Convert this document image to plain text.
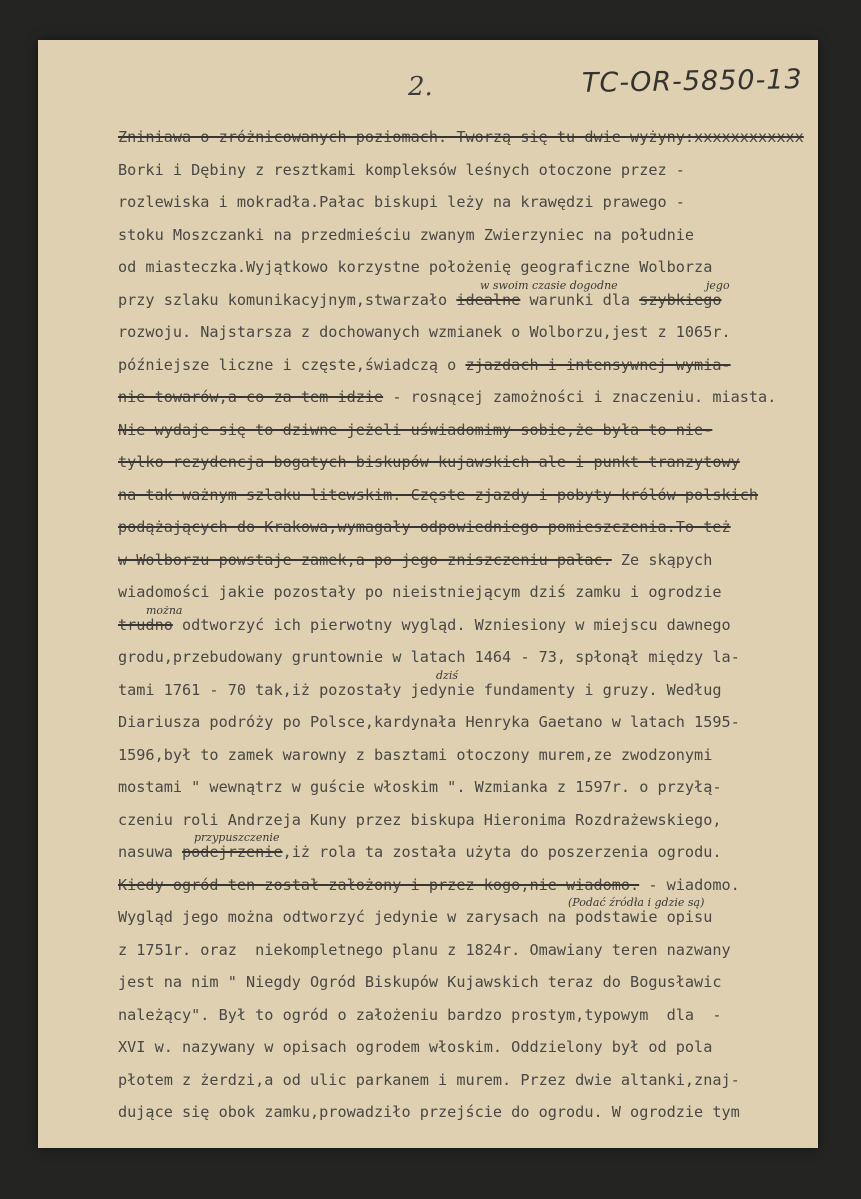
2.	TC-OR-5850-13
Zniniawa o zróżnicowanych poziomach. Tworzą się tu dwie wyżyny:xxxxxxxxxxxx
Borki i Dębiny z resztkami kompleksów leśnych otoczone przez -
rozlewiska i mokradła.Pałac biskupi leży na krawędzi prawego -
stoku Moszczanki na przedmieściu zwanym Zwierzyniec na południe
od miasteczka.Wyjątkowo korzystne położenię geograficzne Wolborza
przy szlaku komunikacyjnym,stwarzało idealne warunki dla szybkiego
w swoim czasie dogodne	jego
rozwoju. Najstarsza z dochowanych wzmianek o Wolborzu,jest z 1065r.
późniejsze liczne i częste,świadczą o zjazdach i intensywnej wymia-
nie towarów,a co za tem idzie - rosnącej zamożności i znaczeniu. miasta.
Nie wydaje się to dziwne jeżeli uświadomimy sobie,że była to nie-
tylko rezydencja bogatych biskupów kujawskich ale i punkt tranzytowy
na tak ważnym szlaku litewskim. Częste zjazdy i pobyty królów polskich
podążających do Krakowa,wymagały odpowiedniego pomieszczenia.To też
w Wolborzu powstaje zamek,a po jego zniszczeniu pałac. Ze skąpych
wiadomości jakie pozostały po nieistniejącym dziś zamku i ogrodzie
trudno odtworzyć ich pierwotny wygląd. Wzniesiony w miejscu dawnego
można
grodu,przebudowany gruntownie w latach 1464 - 73, spłonął między la-
tami 1761 - 70 tak,iż pozostały jedynie fundamenty i gruzy. Według
dziś
Diariusza podróży po Polsce,kardynała Henryka Gaetano w latach 1595-
1596,był to zamek warowny z basztami otoczony murem,ze zwodzonymi
mostami " wewnątrz w guście włoskim ". Wzmianka z 1597r. o przyłą-
czeniu roli Andrzeja Kuny przez biskupa Hieronima Rozdrażewskiego,
nasuwa podejrzenie,iż rola ta została użyta do poszerzenia ogrodu.
przypuszczenie
Kiedy ogród ten został założony i przez kogo,nie wiadomo. - wiadomo.
Wygląd jego można odtworzyć jedynie w zarysach na podstawie opisu
(Podać źródła i gdzie są)
z 1751r. oraz  niekompletnego planu z 1824r. Omawiany teren nazwany
jest na nim " Niegdy Ogród Biskupów Kujawskich teraz do Bogusławic
należący". Był to ogród o założeniu bardzo prostym,typowym  dla  -
XVI w. nazywany w opisach ogrodem włoskim. Oddzielony był od pola
płotem z żerdzi,a od ulic parkanem i murem. Przez dwie altanki,znaj-
dujące się obok zamku,prowadziło przejście do ogrodu. W ogrodzie tym
